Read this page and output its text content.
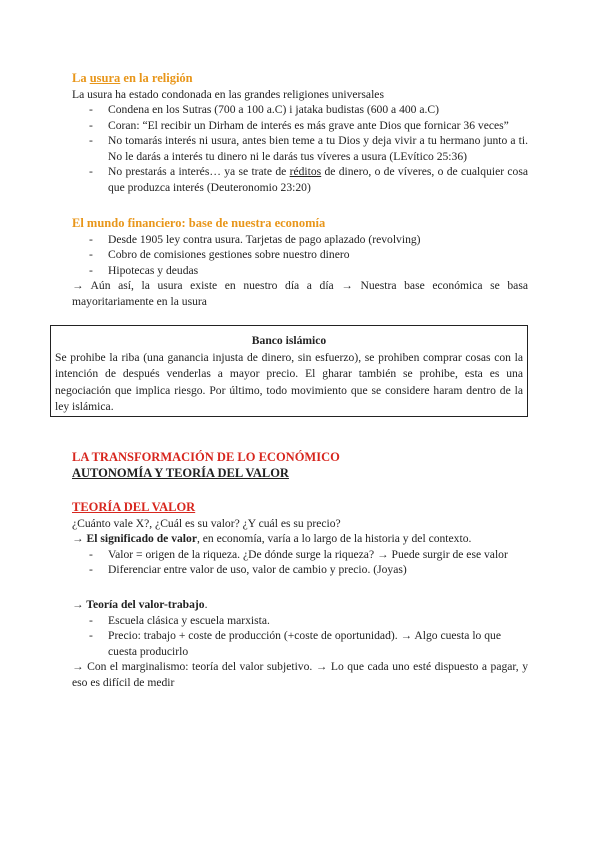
La usura en la religión
La usura ha estado condonada en las grandes religiones universales
- Condena en los Sutras (700 a 100 a.C) i jataka budistas (600 a 400 a.C)
- Coran: “El recibir un Dirham de interés es más grave ante Dios que fornicar 36 veces”
- No tomarás interés ni usura, antes bien teme a tu Dios y deja vivir a tu hermano junto a ti. No le darás a interés tu dinero ni le darás tus víveres a usura (LEvítico 25:36)
- No prestarás a interés… ya se trate de réditos de dinero, o de víveres, o de cualquier cosa que produzca interés (Deuteronomio 23:20)
El mundo financiero: base de nuestra economía
- Desde 1905 ley contra usura. Tarjetas de pago aplazado (revolving)
- Cobro de comisiones gestiones sobre nuestro dinero
- Hipotecas y deudas
→ Aún así, la usura existe en nuestro día a día → Nuestra base económica se basa mayoritariamente en la usura
Banco islámico
Se prohibe la riba (una ganancia injusta de dinero, sin esfuerzo), se prohiben comprar cosas con la intención de después venderlas a mayor precio. El gharar también se prohibe, esta es una negociación que implica riesgo. Por último, todo movimiento que se considere haram dentro de la ley islámica.
LA TRANSFORMACIÓN DE LO ECONÓMICO
AUTONOMÍA Y TEORÍA DEL VALOR
TEORÍA DEL VALOR
¿Cuánto vale X?, ¿Cuál es su valor? ¿Y cuál es su precio?
→ El significado de valor, en economía, varía a lo largo de la historia y del contexto.
- Valor = origen de la riqueza. ¿De dónde surge la riqueza? → Puede surgir de ese valor
- Diferenciar entre valor de uso, valor de cambio y precio. (Joyas)
→ Teoría del valor-trabajo.
- Escuela clásica y escuela marxista.
- Precio: trabajo + coste de producción (+coste de oportunidad). → Algo cuesta lo que cuesta producirlo
→ Con el marginalismo: teoría del valor subjetivo. → Lo que cada uno esté dispuesto a pagar, y eso es difícil de medir
